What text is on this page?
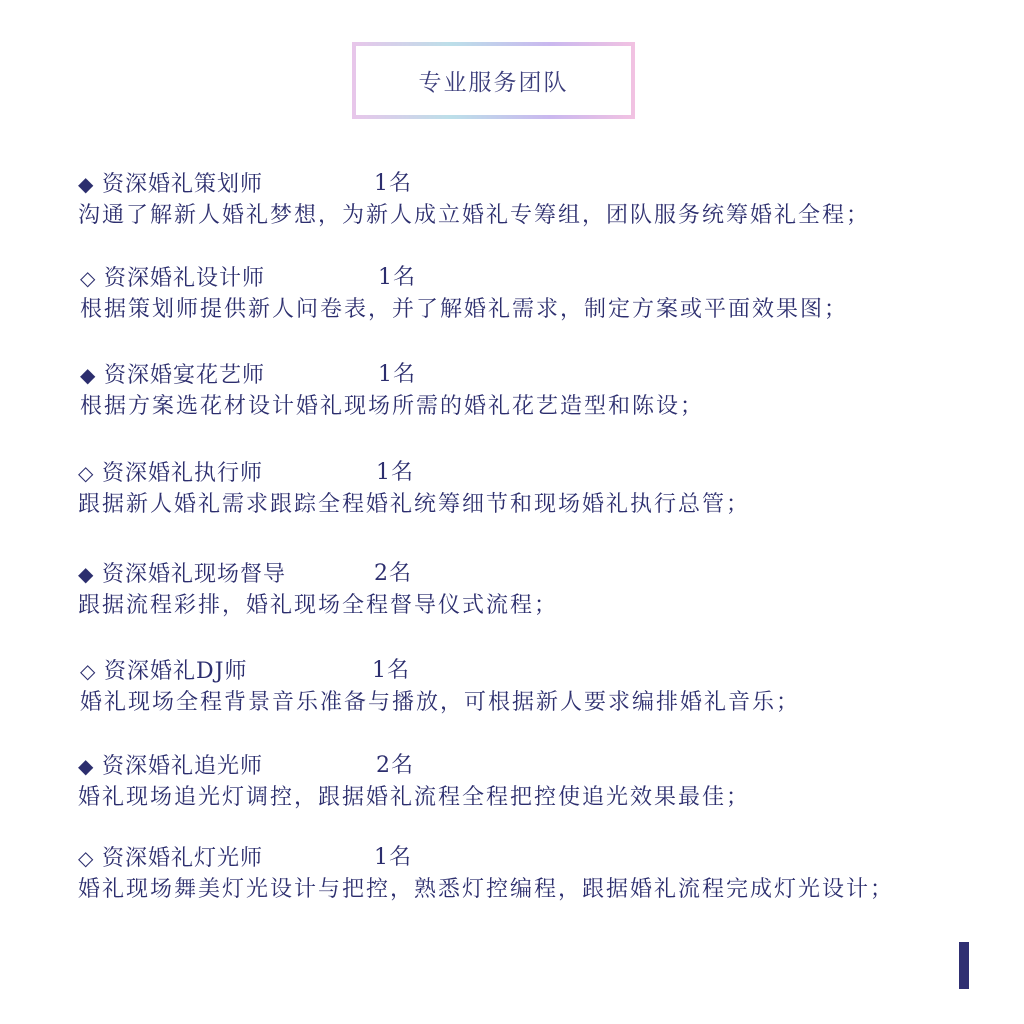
专业服务团队
◆ 资深婚礼策划师	1名
沟通了解新人婚礼梦想，为新人成立婚礼专筹组，团队服务统筹婚礼全程；
◇ 资深婚礼设计师	1名
根据策划师提供新人问卷表，并了解婚礼需求，制定方案或平面效果图；
◆ 资深婚宴花艺师	1名
根据方案选花材设计婚礼现场所需的婚礼花艺造型和陈设；
◇ 资深婚礼执行师	1名
跟据新人婚礼需求跟踪全程婚礼统筹细节和现场婚礼执行总管；
◆ 资深婚礼现场督导	2名
跟据流程彩排，婚礼现场全程督导仪式流程；
◇ 资深婚礼DJ师	1名
婚礼现场全程背景音乐准备与播放，可根据新人要求编排婚礼音乐；
◆ 资深婚礼追光师	2名
婚礼现场追光灯调控，跟据婚礼流程全程把控使追光效果最佳；
◇ 资深婚礼灯光师	1名
婚礼现场舞美灯光设计与把控，熟悉灯控编程，跟据婚礼流程完成灯光设计；
